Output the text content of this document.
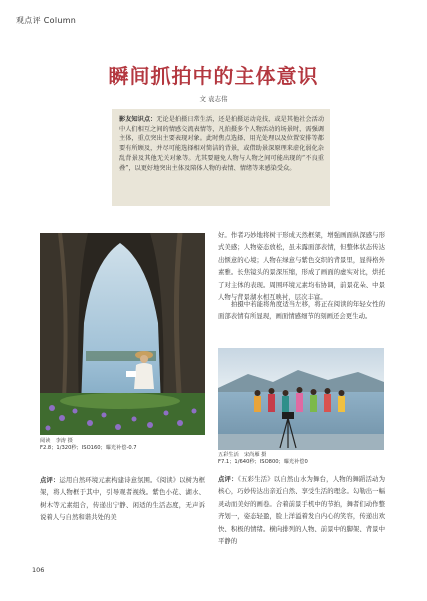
观点评 Column
瞬间抓拍中的主体意识
文 袁志伟
影友知识点：无论是拍摄日常生活，还是拍摄运动竞技，或是其他社会活动中人们相互之间的情感交流表情等，凡拍摄多个人物活动的场景时，需强调主体，重点突出主要表现对象。此时焦点选择、用光处理以及位置安排等都要有所顾及，并尽可能选择相对简洁的背景，或借助景深原理来虚化弱化杂乱背景及其他无关对象等。尤其要避免人物与人物之间可能出现的“不良重叠”，以更好地突出主体及陪体人物的表情、情绪等来感染受众。
阅读　李涛 摄
F2.8；1/320秒；ISO160；曝光补偿-0.7
点评：运用自然环境元素构建诗意氛围。《阅读》以树为框架，将人物框于其中，引导观者视线。紫色小花、湖水、树木等元素组合，传递出宁静、闲适的生活态度，无声诉说着人与自然和谐共处的美
好。作者巧妙地将树干形成天然框架，增强画面纵深感与形式美感；人物姿态放松，虽未露面部表情，但整体状态传达出惬意的心境；人物在绿意与紫色交织的背景里，显得格外素雅。长焦镜头的景深压缩，形成了画面的虚实对比，烘托了对主体的表现。周围环境元素均布协调，前景花朵、中景人物与背景湖水相互映衬，层次丰富。
拍摄中若能将角度适当左移，将正在阅读的年轻女性的面部表情有所显现，画面情感细节的刻画还会更生动。
五彩生活　宋尚雁 摄
F7.1；1/640秒；ISO800；曝光补偿0
点评：《五彩生活》以自然山水为舞台，人物的舞蹈活动为核心，巧妙传达出亲近自然、享受生活的理念。勾勒出一幅灵动而美好的画卷。合着前景手机中的节拍，舞者们动作整齐划一，姿态轻盈，脸上洋溢着发自内心的笑容，传递出欢快、积极的情绪。横向排列的人物、前景中的脚架、背景中平静的
106
